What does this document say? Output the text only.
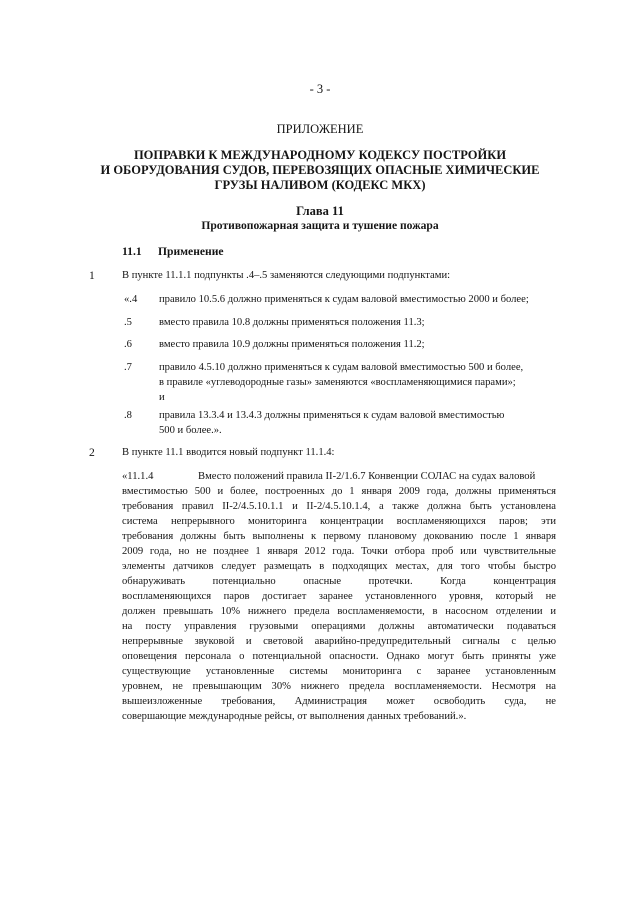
- 3 -
ПРИЛОЖЕНИЕ
ПОПРАВКИ К МЕЖДУНАРОДНОМУ КОДЕКСУ ПОСТРОЙКИ
И ОБОРУДОВАНИЯ СУДОВ, ПЕРЕВОЗЯЩИХ ОПАСНЫЕ ХИМИЧЕСКИЕ
ГРУЗЫ НАЛИВОМ (КОДЕКС МКХ)
Глава 11
Противопожарная защита и тушение пожара
11.1 Применение
1	В пункте 11.1.1 подпункты .4–.5 заменяются следующими подпунктами:
«.4 правило 10.5.6 должно применяться к судам валовой вместимостью 2000 и более;
.5	вместо правила 10.8 должны применяться положения 11.3;
.6	вместо правила 10.9 должны применяться положения 11.2;
.7	правило 4.5.10 должно применяться к судам валовой вместимостью 500 и более,
в правиле «углеводородные газы» заменяются «воспламеняющимися парами»;
и
.8	правила 13.3.4 и 13.4.3 должны применяться к судам валовой вместимостью
500 и более.».
2	В пункте 11.1 вводится новый подпункт 11.1.4:
«11.1.4	Вместо положений правила II-2/1.6.7 Конвенции СОЛАС на судах валовой
вместимостью 500 и более, построенных до 1 января 2009 года, должны применяться
требования правил II-2/4.5.10.1.1 и II-2/4.5.10.1.4, а также должна быть установлена
система непрерывного мониторинга концентрации воспламеняющихся паров; эти
требования должны быть выполнены к первому плановому докованию после 1 января
2009 года, но не позднее 1 января 2012 года. Точки отбора проб или чувствительные
элементы датчиков следует размещать в подходящих местах, для того чтобы быстро
обнаруживать потенциально опасные протечки. Когда концентрация
воспламеняющихся паров достигает заранее установленного уровня, который не
должен превышать 10% нижнего предела воспламеняемости, в насосном отделении и
на посту управления грузовыми операциями должны автоматически подаваться
непрерывные звуковой и световой аварийно-предупредительный сигналы с целью
оповещения персонала о потенциальной опасности. Однако могут быть приняты уже
существующие установленные системы мониторинга с заранее установленным
уровнем, не превышающим 30% нижнего предела воспламеняемости. Несмотря на
вышеизложенные требования, Администрация может освободить суда, не
совершающие международные рейсы, от выполнения данных требований.».
